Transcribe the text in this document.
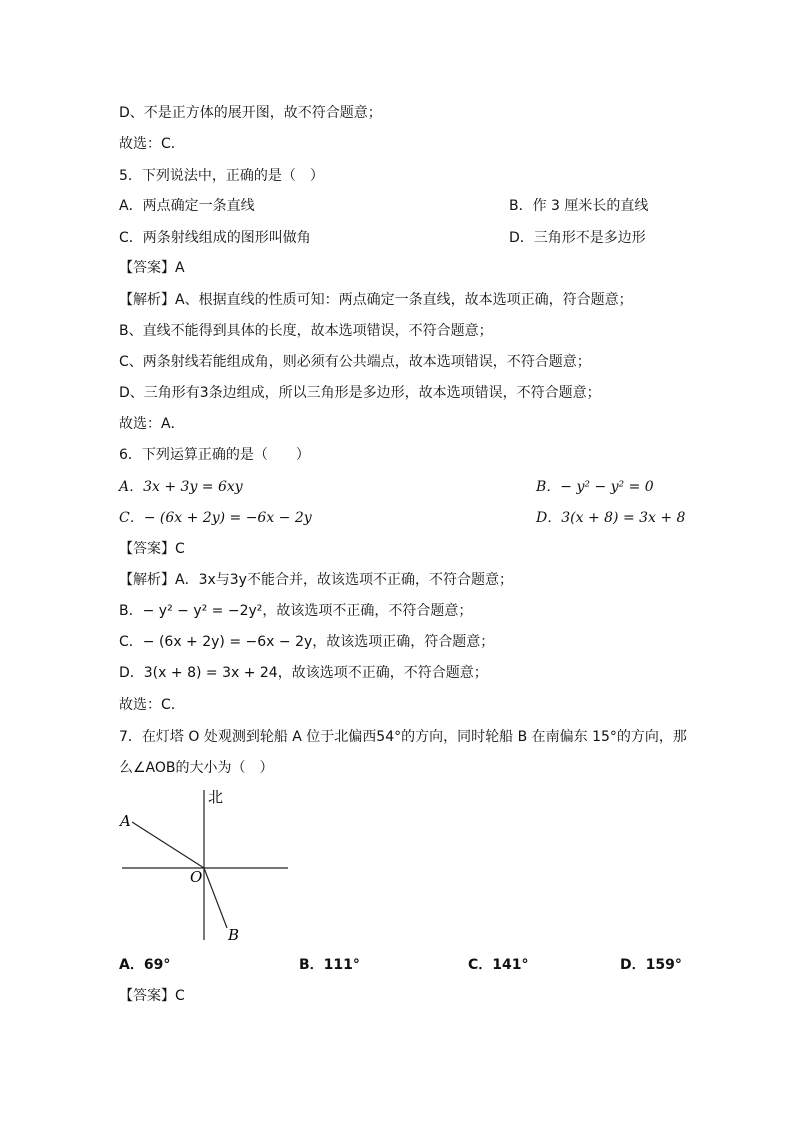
D、不是正方体的展开图，故不符合题意；
故选：C．
5．下列说法中，正确的是（　）
A．两点确定一条直线	B．作 3 厘米长的直线
C．两条射线组成的图形叫做角	D．三角形不是多边形
【答案】A
【解析】A、根据直线的性质可知：两点确定一条直线，故本选项正确，符合题意；
B、直线不能得到具体的长度，故本选项错误，不符合题意；
C、两条射线若能组成角，则必须有公共端点，故本选项错误，不符合题意；
D、三角形有3条边组成，所以三角形是多边形，故本选项错误，不符合题意；
故选：A．
6．下列运算正确的是（　　）
A．3x + 3y = 6xy	B．− y² − y² = 0
C．− (6x + 2y) = −6x − 2y	D．3(x + 8) = 3x + 8
【答案】C
【解析】A．3x与3y不能合并，故该选项不正确，不符合题意；
B．− y² − y² = −2y²，故该选项不正确，不符合题意；
C．− (6x + 2y) = −6x − 2y，故该选项正确，符合题意；
D．3(x + 8) = 3x + 24，故该选项不正确，不符合题意；
故选：C．
7．在灯塔 O 处观测到轮船 A 位于北偏西54°的方向，同时轮船 B 在南偏东 15°的方向，那
么∠AOB的大小为（　）
北
A
O
B
A．69°	B．111°	C．141°	D．159°
【答案】C
